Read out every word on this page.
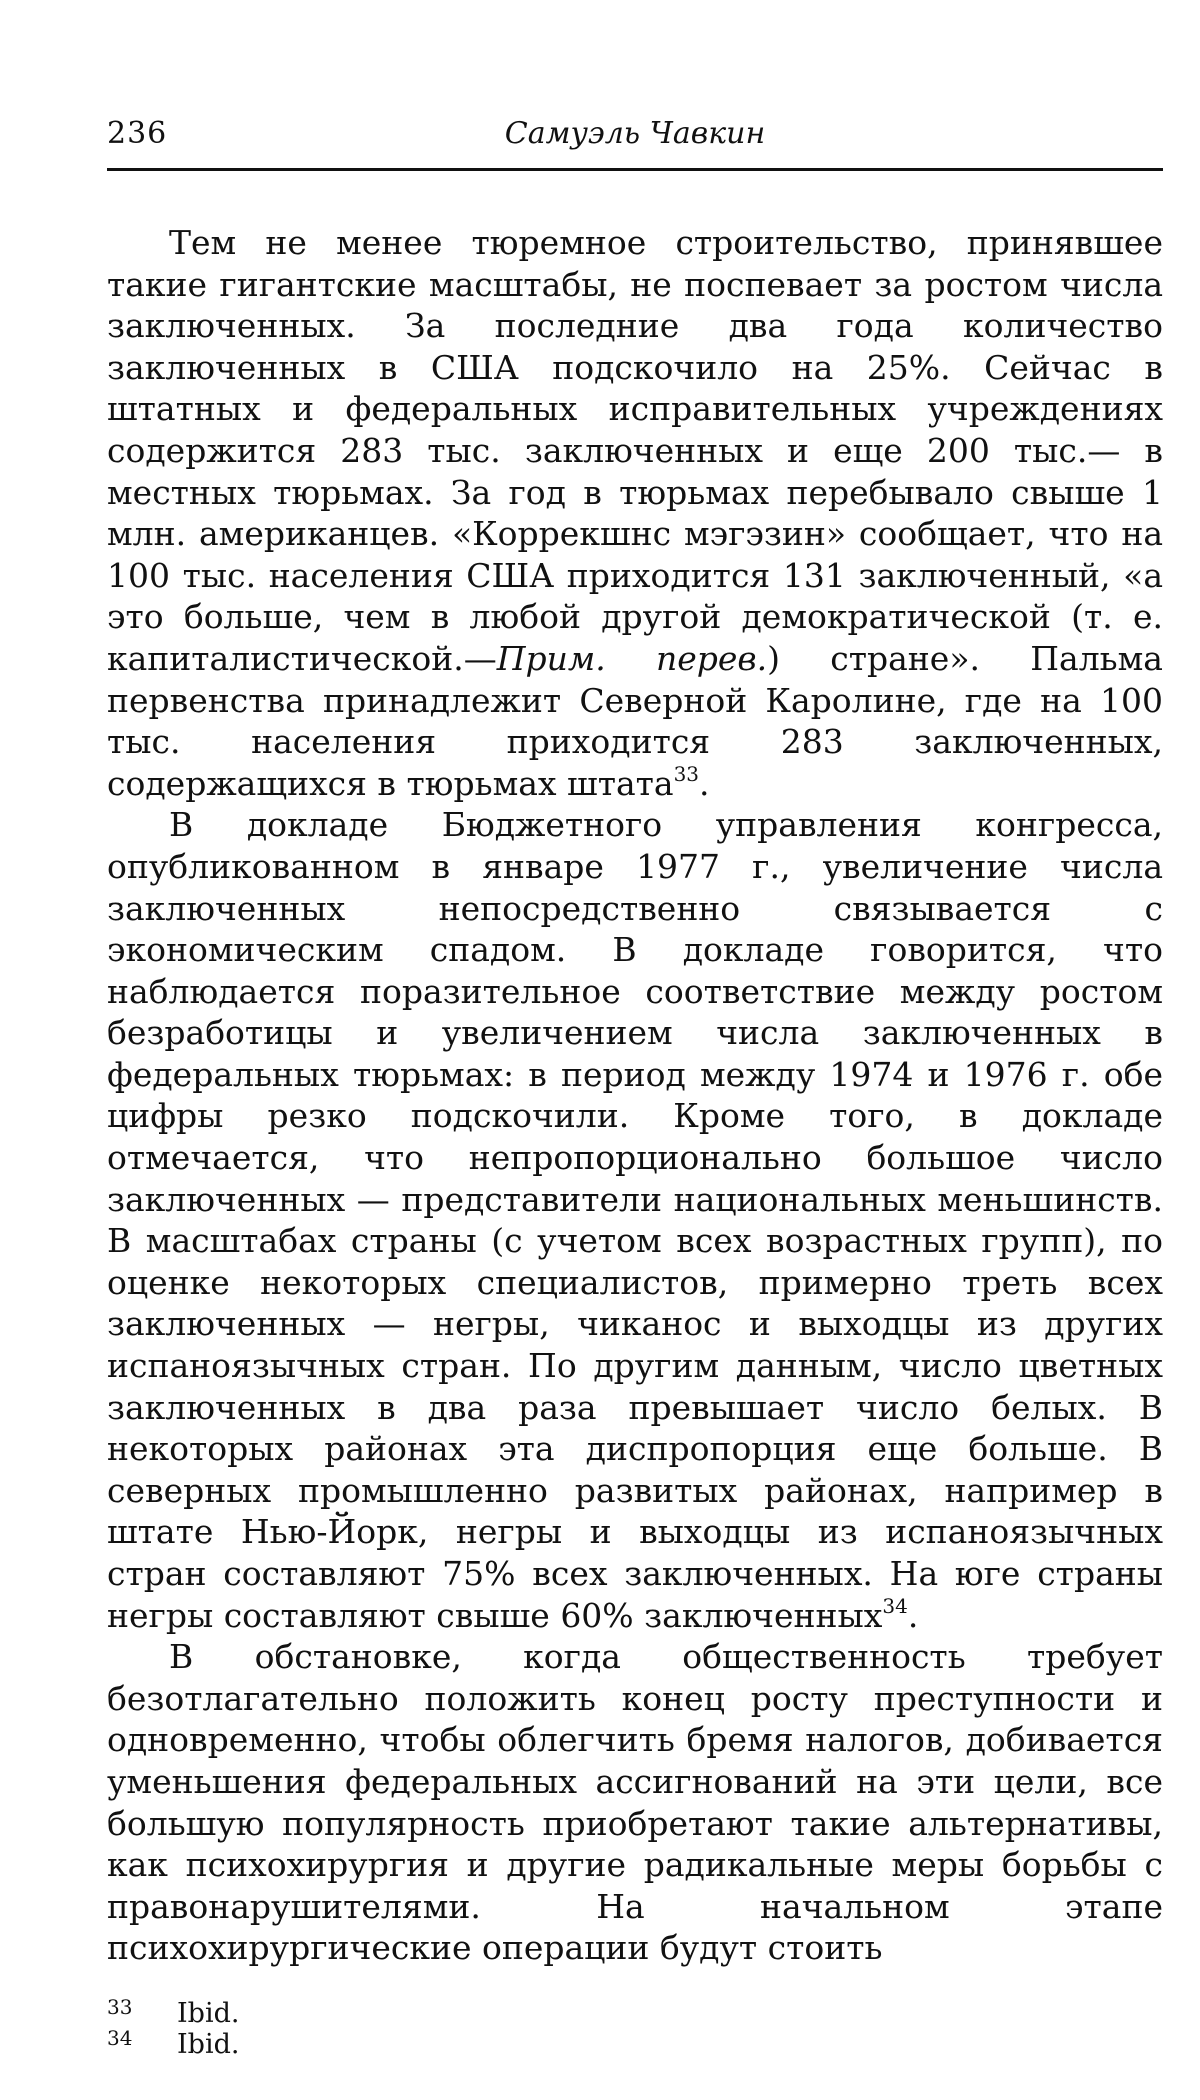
236	Самуэль Чавкин

Тем не менее тюремное строительство, принявшее такие гигантские масштабы, не поспевает за ростом числа заключенных. За последние два года количество заключенных в США подскочило на 25%. Сейчас в штатных и федеральных исправительных учреждениях содержится 283 тыс. заключенных и еще 200 тыс.— в местных тюрьмах. За год в тюрьмах перебывало свыше 1 млн. американцев. «Коррекшнс мэгэзин» сообщает, что на 100 тыс. населения США приходится 131 заключенный, «а это больше, чем в любой другой демократической (т. е. капиталистической.—Прим. перев.) стране». Пальма первенства принадлежит Северной Каролине, где на 100 тыс. населения приходится 283 заключенных, содержащихся в тюрьмах штата$^{33}$.

В докладе Бюджетного управления конгресса, опубликованном в январе 1977 г., увеличение числа заключенных непосредственно связывается с экономическим спадом. В докладе говорится, что наблюдается поразительное соответствие между ростом безработицы и увеличением числа заключенных в федеральных тюрьмах: в период между 1974 и 1976 г. обе цифры резко подскочили. Кроме того, в докладе отмечается, что непропорционально большое число заключенных — представители национальных меньшинств. В масштабах страны (с учетом всех возрастных групп), по оценке некоторых специалистов, примерно треть всех заключенных — негры, чиканос и выходцы из других испаноязычных стран. По другим данным, число цветных заключенных в два раза превышает число белых. В некоторых районах эта диспропорция еще больше. В северных промышленно развитых районах, например в штате Нью-Йорк, негры и выходцы из испаноязычных стран составляют 75% всех заключенных. На юге страны негры составляют свыше 60% заключенных$^{34}$.

В обстановке, когда общественность требует безотлагательно положить конец росту преступности и одновременно, чтобы облегчить бремя налогов, добивается уменьшения федеральных ассигнований на эти цели, все большую популярность приобретают такие альтернативы, как психохирургия и другие радикальные меры борьбы с правонарушителями. На начальном этапе психохирургические операции будут стоить

33 Ibid.
34 Ibid.
